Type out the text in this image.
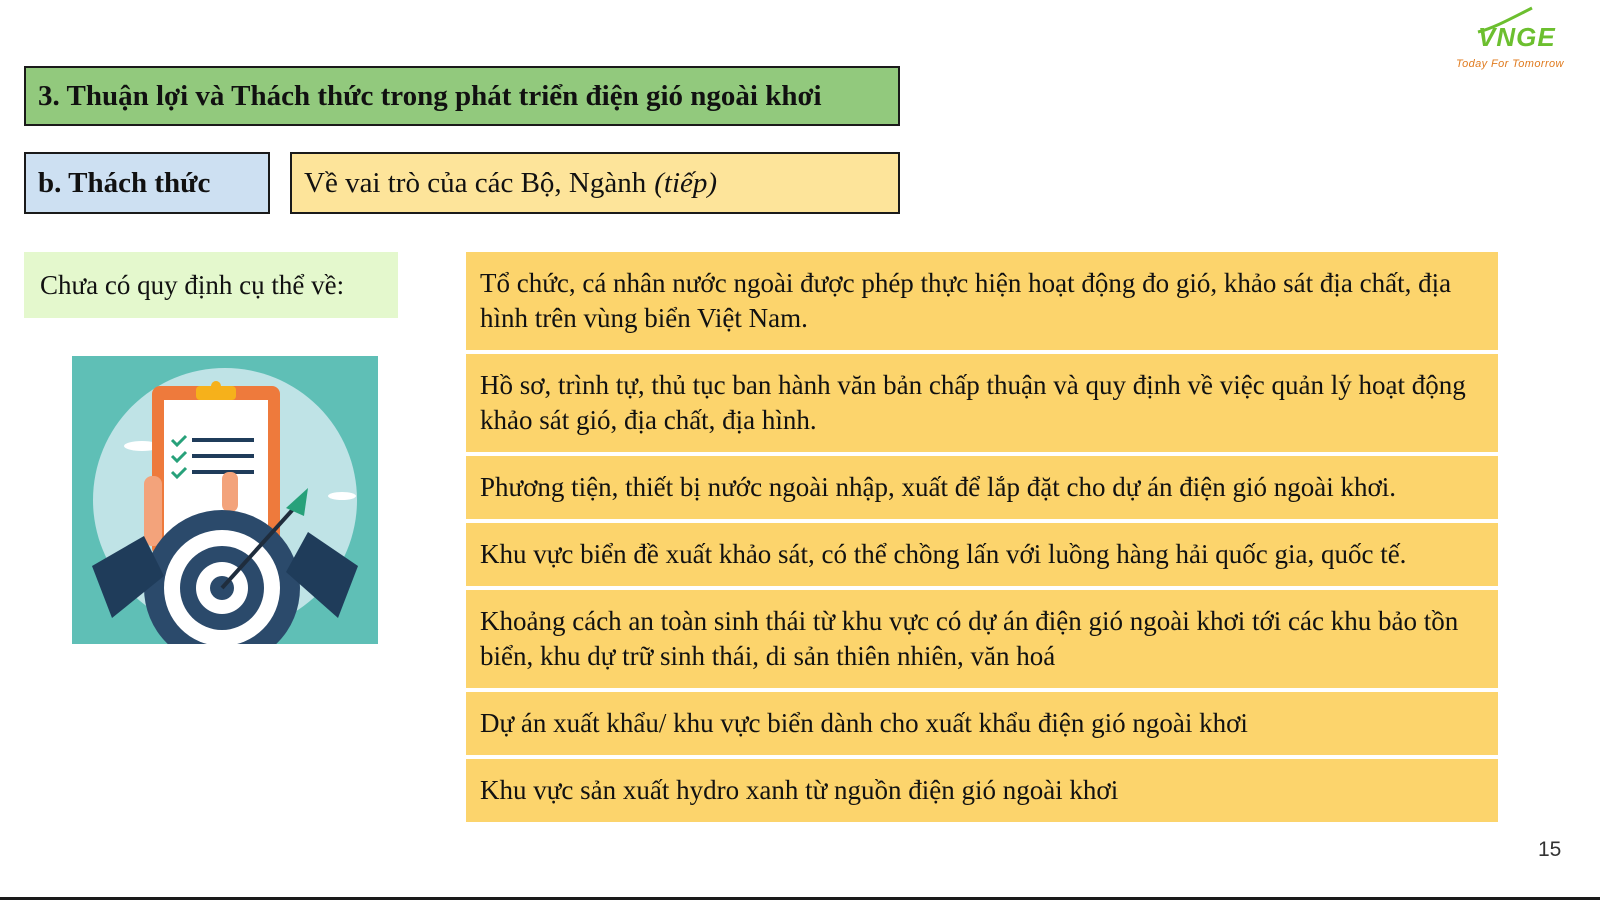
VNGE
Today For Tomorrow
3. Thuận lợi và Thách thức trong phát triển điện gió ngoài khơi
b. Thách thức	Về vai trò của các Bộ, Ngành (tiếp)
Chưa có quy định cụ thể về:	Tổ chức, cá nhân nước ngoài được phép thực hiện hoạt động đo gió, khảo sát địa chất, địa hình trên vùng biển Việt Nam.
Hồ sơ, trình tự, thủ tục ban hành văn bản chấp thuận và quy định về việc quản lý hoạt động khảo sát gió, địa chất, địa hình.
Phương tiện, thiết bị nước ngoài nhập, xuất để lắp đặt cho dự án điện gió ngoài khơi.
Khu vực biển đề xuất khảo sát, có thể chồng lấn với luồng hàng hải quốc gia, quốc tế.
Khoảng cách an toàn sinh thái từ khu vực có dự án điện gió ngoài khơi tới các khu bảo tồn biển, khu dự trữ sinh thái, di sản thiên nhiên, văn hoá
Dự án xuất khẩu/ khu vực biển dành cho xuất khẩu điện gió ngoài khơi
Khu vực sản xuất hydro xanh từ nguồn điện gió ngoài khơi
15
